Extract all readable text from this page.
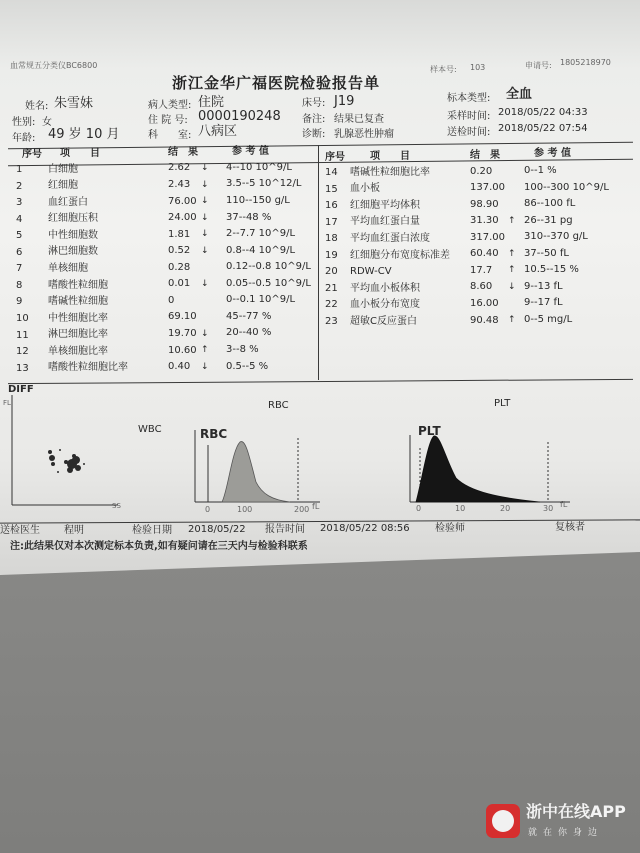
血常规五分类仪BC6800	样本号: 103	申请号: 1805218970
浙江金华广福医院检验报告单
姓名: 朱雪妹	病人类型: 住院	床号: J19	标本类型: 全血
性别: 女	住 院 号: 0000190248 备注: 结果已复查	采样时间: 2018/05/22 04:33
年龄: 49 岁 10 月	科　　室: 八病区	诊断: 乳腺恶性肿瘤	送检时间: 2018/05/22 07:54
序号 项　　目	结　果	参 考 值
序号	项　　目	结　果	参 考 值
1	白细胞	2.62 ↓ 4--10 10^9/L
2	红细胞	2.43 ↓ 3.5--5 10^12/L
3	血红蛋白	76.00 ↓ 110--150 g/L
4	红细胞压积	24.00 ↓ 37--48 %
5	中性细胞数	1.81 ↓ 2--7.7 10^9/L
6	淋巴细胞数	0.52 ↓ 0.8--4 10^9/L
7	单核细胞	0.28	0.12--0.8 10^9/L
8	嗜酸性粒细胞	0.01 ↓ 0.05--0.5 10^9/L
9	嗜碱性粒细胞	0	0--0.1 10^9/L
10 中性细胞比率	69.10	45--77 %
11 淋巴细胞比率	19.70 ↓ 20--40 %
12 单核细胞比率	10.60 ↑ 3--8 %
13 嗜酸性粒细胞比率	0.40 ↓ 0.5--5 %
14 嗜碱性粒细胞比率	0.20	0--1 %
15 血小板	137.00 100--300 10^9/L
16 红细胞平均体积	98.90	86--100 fL
17 平均血红蛋白量	31.30 ↑ 26--31 pg
18 平均血红蛋白浓度	317.00 310--370 g/L
19 红细胞分布宽度标准差 60.40 ↑ 37--50 fL
20 RDW-CV	17.7 ↑ 10.5--15 %
21 平均血小板体积	8.60 ↓ 9--13 fL
22 血小板分布宽度	16.00	9--17 fL
23 超敏C反应蛋白	90.48 ↑ 0--5 mg/L
DIFF
FL
SS
WBC
RBC
RBC
PLT
PLT
0	100	200 fL	0	10	20	30 fL
送检医生 程明	检验日期 2018/05/22 报告时间 2018/05/22 08:56	检验师	复核者
注:此结果仅对本次测定标本负责,如有疑问请在三天内与检验科联系
浙中在线APP
就在你身边
